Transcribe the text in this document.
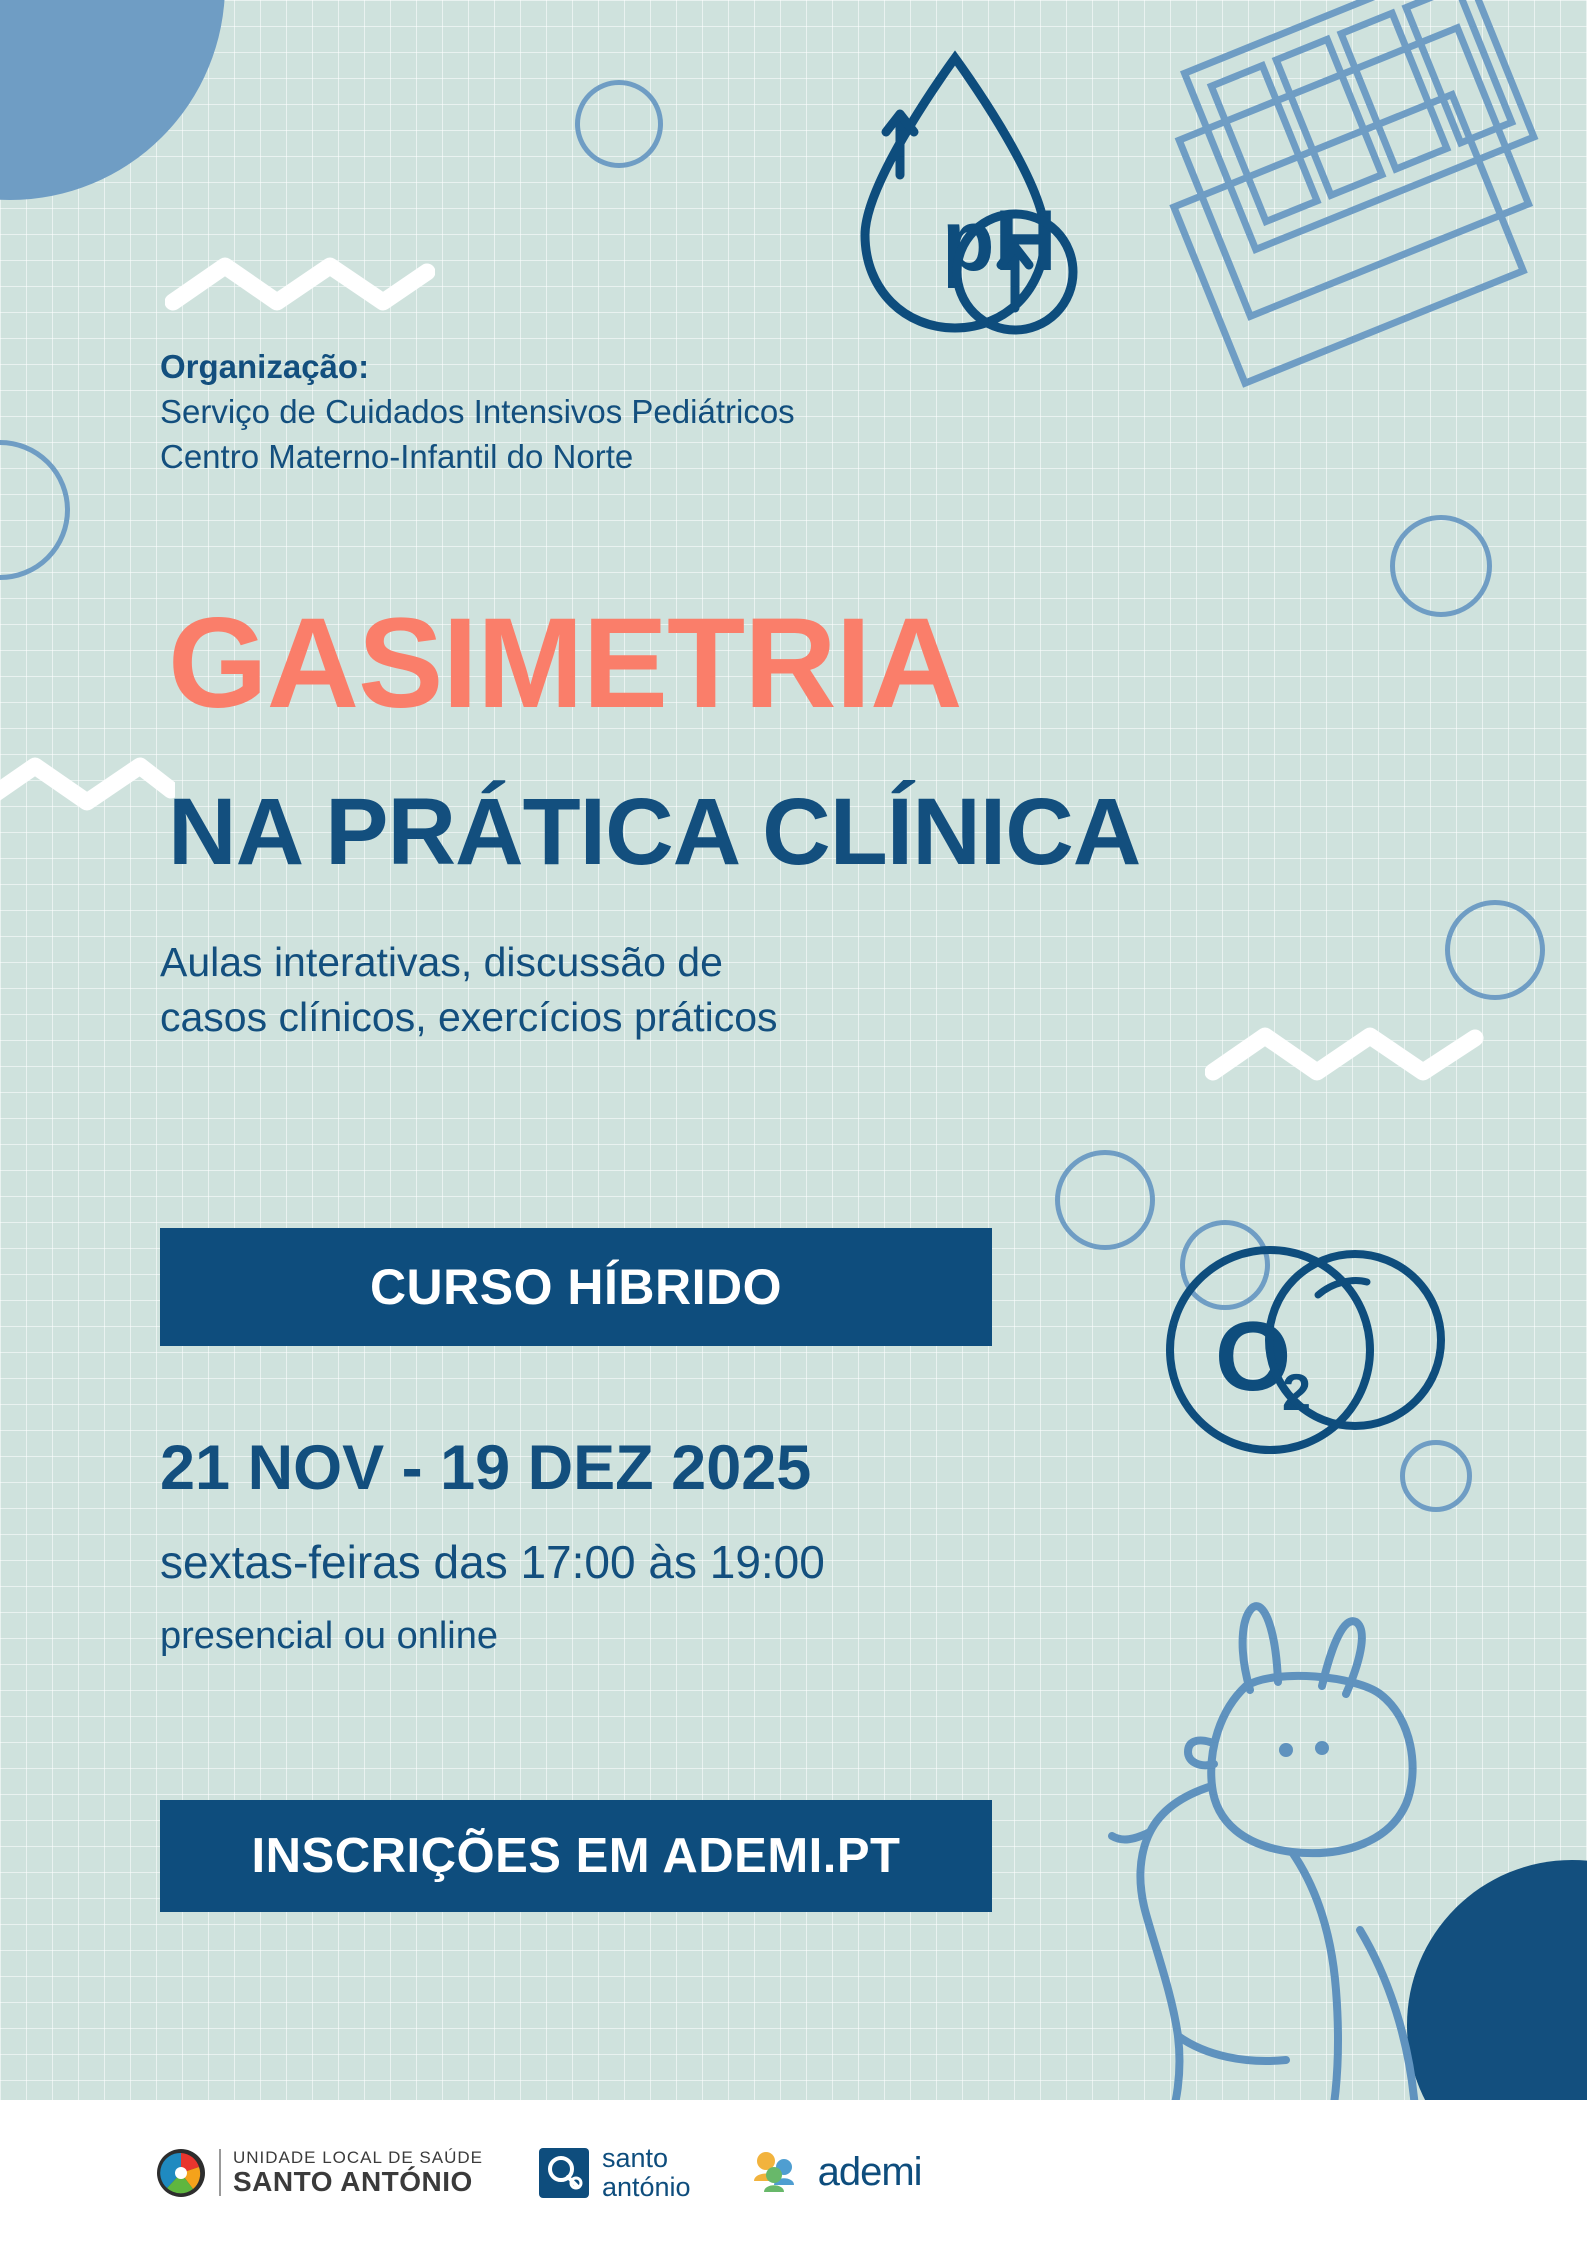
pH
O
2
Organização:
Serviço de Cuidados Intensivos Pediátricos
Centro Materno-Infantil do Norte
GASIMETRIA
NA PRÁTICA CLÍNICA
Aulas interativas, discussão de
casos clínicos, exercícios práticos
CURSO HÍBRIDO
21 NOV - 19 DEZ 2025
sextas-feiras das 17:00 às 19:00
presencial ou online
INSCRIÇÕES EM ADEMI.PT
UNIDADE LOCAL DE SAÚDE
SANTO ANTÓNIO
santo
antónio	ademi
